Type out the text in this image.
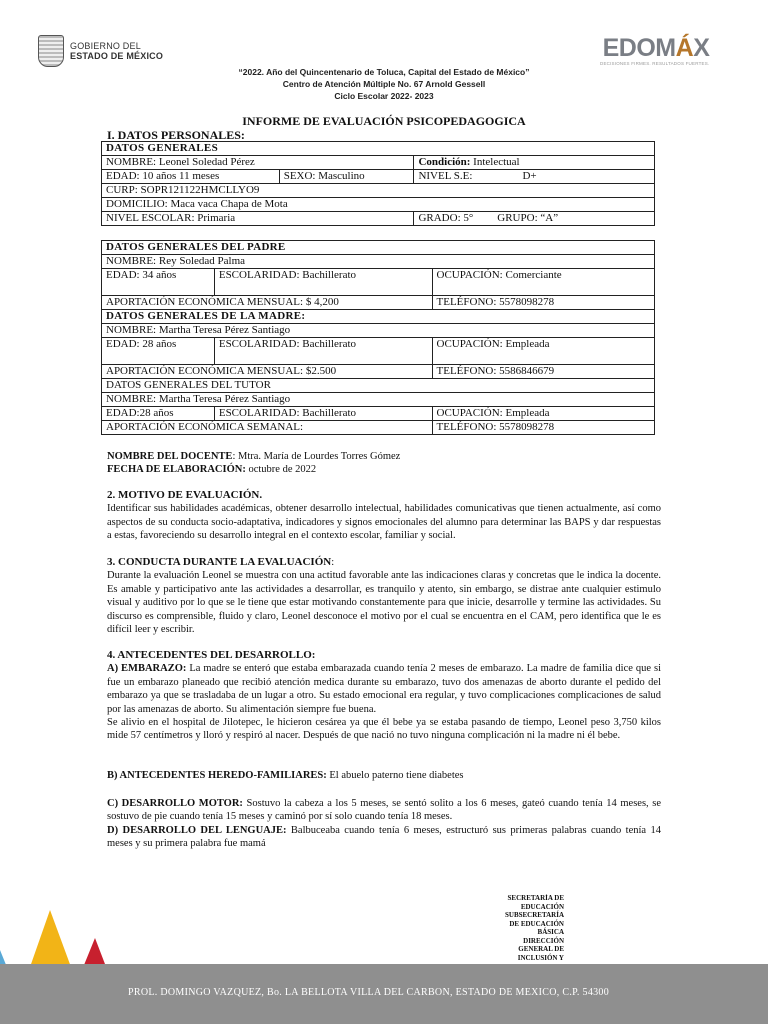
GOBIERNO DEL
ESTADO DE MÉXICO	EDOMÁX
DECISIONES FIRMES. RESULTADOS FUERTES.
“2022. Año del Quincentenario de Toluca, Capital del Estado de México”
Centro de Atención Múltiple No. 67 Arnold Gessell
Ciclo Escolar 2022- 2023
INFORME DE EVALUACIÓN PSICOPEDAGOGICA
I. DATOS PERSONALES:
DATOS GENERALES		
NOMBRE: Leonel Soledad Pérez		Condición: Intelectual
EDAD: 10 años 11 meses	SEXO: Masculino	NIVEL S.E: D+
CURP: SOPR121122HMCLLYO9		
DOMICILIO: Maca vaca Chapa de Mota		
NIVEL ESCOLAR: Primaria		GRADO: 5° GRUPO: “A”
DATOS GENERALES DEL PADRE		
NOMBRE: Rey Soledad Palma		
EDAD: 34 años	ESCOLARIDAD: Bachillerato	OCUPACIÓN: Comerciante
APORTACIÓN ECONÓMICA MENSUAL: $ 4,200		TELÉFONO: 5578098278
DATOS GENERALES DE LA MADRE:		
NOMBRE: Martha Teresa Pérez Santiago		
EDAD: 28 años	ESCOLARIDAD: Bachillerato	OCUPACIÓN: Empleada
APORTACIÓN ECONÓMICA MENSUAL: $2.500		TELÉFONO: 5586846679
DATOS GENERALES DEL TUTOR		
NOMBRE: Martha Teresa Pérez Santiago		
EDAD:28 años	ESCOLARIDAD: Bachillerato	OCUPACIÓN: Empleada
APORTACIÓN ECONÓMICA SEMANAL:		TELÉFONO: 5578098278
NOMBRE DEL DOCENTE: Mtra. María de Lourdes Torres Gómez
FECHA DE ELABORACIÓN: octubre de 2022
2. MOTIVO DE EVALUACIÓN.
Identificar sus habilidades académicas, obtener desarrollo intelectual, habilidades comunicativas que tienen actualmente, así como aspectos de su conducta socio-adaptativa, indicadores y signos emocionales del alumno para determinar las BAPS y dar respuestas a estas, favoreciendo su desarrollo integral en el contexto escolar, familiar y social.
3. CONDUCTA DURANTE LA EVALUACIÓN:
Durante la evaluación Leonel se muestra con una actitud favorable ante las indicaciones claras y concretas que le indica la docente. Es amable y participativo ante las actividades a desarrollar, es tranquilo y atento, sin embargo, se distrae ante cualquier estimulo visual y auditivo por lo que se le tiene que estar motivando constantemente para que inicie, desarrolle y termine las actividades. Su discurso es comprensible, fluido y claro, Leonel desconoce el motivo por el cual se encuentra en el CAM, pero identifica que le es difícil leer y escribir.
4. ANTECEDENTES DEL DESARROLLO:
A) EMBARAZO: La madre se enteró que estaba embarazada cuando tenía 2 meses de embarazo. La madre de familia dice que si fue un embarazo planeado que recibió atención medica durante su embarazo, tuvo dos amenazas de aborto durante el pedido del embarazo ya que se trasladaba de un lugar a otro. Su estado emocional era regular, y tuvo complicaciones complicaciones de salud por las amenazas de aborto. Su alimentación siempre fue buena.
Se alivio en el hospital de Jilotepec, le hicieron cesárea ya que él bebe ya se estaba pasando de tiempo, Leonel peso 3,750 kilos mide 57 centímetros y lloró y respiró al nacer. Después de que nació no tuvo ninguna complicación ni la madre ni él bebe.
B) ANTECEDENTES HEREDO-FAMILIARES: El abuelo paterno tiene diabetes
C) DESARROLLO MOTOR: Sostuvo la cabeza a los 5 meses, se sentó solito a los 6 meses, gateó cuando tenía 14 meses, se sostuvo de pie cuando tenía 15 meses y caminó por sí solo cuando tenía 18 meses.
D) DESARROLLO DEL LENGUAJE: Balbuceaba cuando tenía 6 meses, estructuró sus primeras palabras cuando tenía 14 meses y su primera palabra fue mamá
SECRETARÍA DE
EDUCACIÓN
SUBSECRETARÍA
DE EDUCACIÓN
BÁSICA
DIRECCIÓN
GENERAL DE
INCLUSIÓN Y
PROL. DOMINGO VAZQUEZ, Bo. LA BELLOTA VILLA DEL CARBON, ESTADO DE MEXICO, C.P. 54300
